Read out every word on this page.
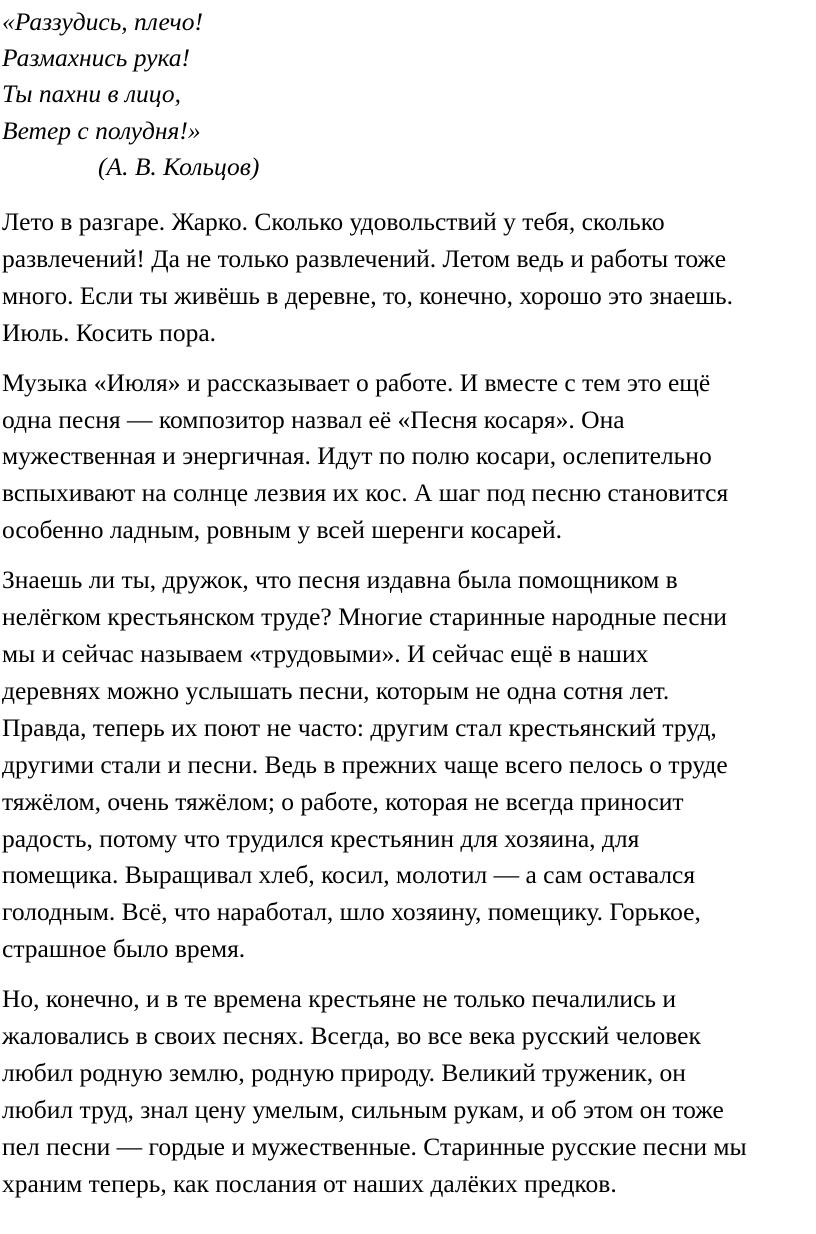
«Раззудись, плечо!
Размахнись рука!
Ты пахни в лицо,
Ветер с полудня!»
(А. В. Кольцов)
Лето в разгаре. Жарко. Сколько удовольствий у тебя, сколько
развлечений! Да не только развлечений. Летом ведь и работы тоже
много. Если ты живёшь в деревне, то, конечно, хорошо это знаешь.
Июль. Косить пора.
Музыка «Июля» и рассказывает о работе. И вместе с тем это ещё
одна песня — композитор назвал её «Песня косаря». Она
мужественная и энергичная. Идут по полю косари, ослепительно
вспыхивают на солнце лезвия их кос. А шаг под песню становится
особенно ладным, ровным у всей шеренги косарей.
Знаешь ли ты, дружок, что песня издавна была помощником в
нелёгком крестьянском труде? Многие старинные народные песни
мы и сейчас называем «трудовыми». И сейчас ещё в наших
деревнях можно услышать песни, которым не одна сотня лет.
Правда, теперь их поют не часто: другим стал крестьянский труд,
другими стали и песни. Ведь в прежних чаще всего пелось о труде
тяжёлом, очень тяжёлом; о работе, которая не всегда приносит
радость, потому что трудился крестьянин для хозяина, для
помещика. Выращивал хлеб, косил, молотил — а сам оставался
голодным. Всё, что наработал, шло хозяину, помещику. Горькое,
страшное было время.
Но, конечно, и в те времена крестьяне не только печалились и
жаловались в своих песнях. Всегда, во все века русский человек
любил родную землю, родную природу. Великий труженик, он
любил труд, знал цену умелым, сильным рукам, и об этом он тоже
пел песни — гордые и мужественные. Старинные русские песни мы
храним теперь, как послания от наших далёких предков.
